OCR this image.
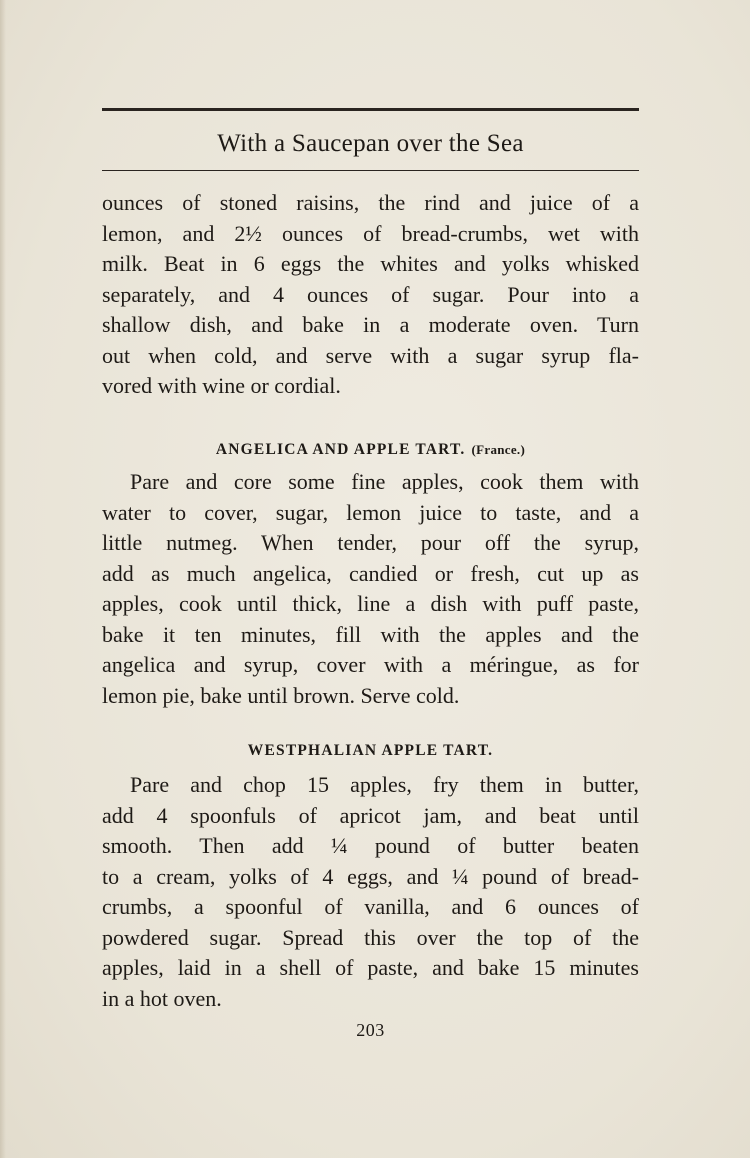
With a Saucepan over the Sea
ounces of stoned raisins, the rind and juice of a
lemon, and 2½ ounces of bread-crumbs, wet with
milk. Beat in 6 eggs the whites and yolks whisked
separately, and 4 ounces of sugar. Pour into a
shallow dish, and bake in a moderate oven. Turn
out when cold, and serve with a sugar syrup fla-
vored with wine or cordial.
ANGELICA AND APPLE TART. (France.)
Pare and core some fine apples, cook them with
water to cover, sugar, lemon juice to taste, and a
little nutmeg. When tender, pour off the syrup,
add as much angelica, candied or fresh, cut up as
apples, cook until thick, line a dish with puff paste,
bake it ten minutes, fill with the apples and the
angelica and syrup, cover with a méringue, as for
lemon pie, bake until brown. Serve cold.
WESTPHALIAN APPLE TART.
Pare and chop 15 apples, fry them in butter,
add 4 spoonfuls of apricot jam, and beat until
smooth. Then add ¼ pound of butter beaten
to a cream, yolks of 4 eggs, and ¼ pound of bread-
crumbs, a spoonful of vanilla, and 6 ounces of
powdered sugar. Spread this over the top of the
apples, laid in a shell of paste, and bake 15 minutes
in a hot oven.
203
